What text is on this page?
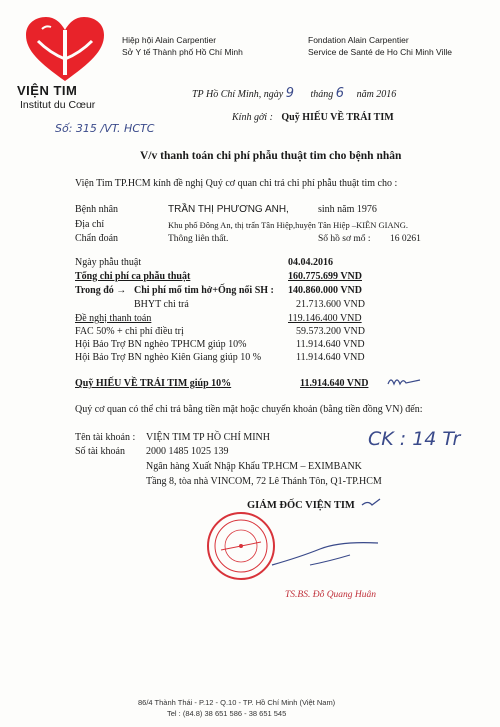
VIỆN TIM
Institut du Cœur
Hiệp hội Alain Carpentier
Sở Y tế Thành phố Hồ Chí Minh
Fondation Alain Carpentier
Service de Santé de Ho Chi Minh Ville
Số: 315 /VT. HCTC
TP Hồ Chí Minh, ngày 9 tháng 6 năm 2016
Kính gởi : Quỹ HIẾU VỀ TRÁI TIM
V/v thanh toán chi phí phẫu thuật tim cho bệnh nhân
Viện Tim TP.HCM kính đề nghị Quý cơ quan chi trả chi phí phẫu thuật tim cho :
Bệnh nhân	TRẦN THỊ PHƯƠNG ANH,	sinh năm 1976
Địa chỉ	Khu phố Đông An, thị trấn Tân Hiệp,huyện Tân Hiệp –KIÊN GIANG.
Chẩn đoán	Thông liên thất.	Số hồ sơ mổ : 16 0261
Ngày phẫu thuật	04.04.2016
Tổng chi phí ca phẫu thuật	160.775.699 VND
Trong đó → Chi phí mổ tim hở+Ống nối SH : 140.860.000 VND
BHYT chi trả	21.713.600 VND
Đề nghị thanh toán	119.146.400 VND
FAC 50% + chi phí điều trị	59.573.200 VND
Hội Bảo Trợ BN nghèo TPHCM giúp 10%	11.914.640 VND
Hội Bảo Trợ BN nghèo Kiên Giang giúp 10 %	11.914.640 VND
Quỹ HIẾU VỀ TRÁI TIM giúp 10%	11.914.640 VND
Quý cơ quan có thể chi trả bằng tiền mặt hoặc chuyển khoản (bằng tiền đồng VN) đến:
Tên tài khoản : VIỆN TIM TP HỒ CHÍ MINH
Số tài khoản 2000 1485 1025 139
Ngân hàng Xuất Nhập Khẩu TP.HCM – EXIMBANK
Tầng 8, tòa nhà VINCOM, 72 Lê Thánh Tôn, Q1-TP.HCM
CK : 14 Tr
GIÁM ĐỐC VIỆN TIM
TS.BS. Đỗ Quang Huân
86/4 Thành Thái - P.12 - Q.10 - TP. Hồ Chí Minh (Việt Nam)
Tel : (84.8) 38 651 586 - 38 651 545
